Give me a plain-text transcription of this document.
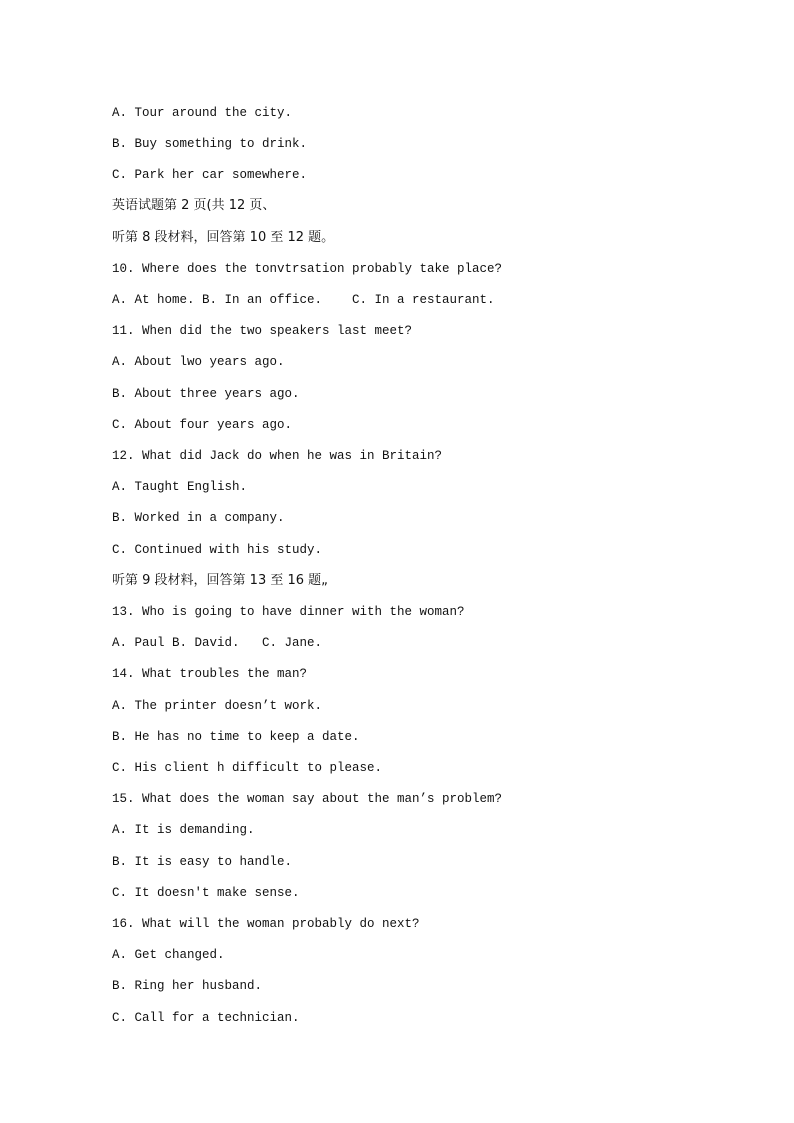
A. Tour around the city.
B. Buy something to drink.
C. Park her car somewhere.
英语试题第 2 页(共 12 页、
听第 8 段材料，回答第 10 至 12 题。
10. Where does the tonvtrsation probably take place?
A. At home. B. In an office.    C. In a restaurant.
11. When did the two speakers last meet?
A. About lwo years ago.
B. About three years ago.
C. About four years ago.
12. What did Jack do when he was in Britain?
A. Taught English.
B. Worked in a company.
C. Continued with his study.
听第 9 段材料，回答第 13 至 16 题„
13. Who is going to have dinner with the woman?
A. Paul B. David.   C. Jane.
14. What troubles the man?
A. The printer doesn’t work.
B. He has no time to keep a date.
C. His client h difficult to please.
15. What does the woman say about the man’s problem?
A. It is demanding.
B. It is easy to handle.
C. It doesn't make sense.
16. What will the woman probably do next?
A. Get changed.
B. Ring her husband.
C. Call for a technician.
